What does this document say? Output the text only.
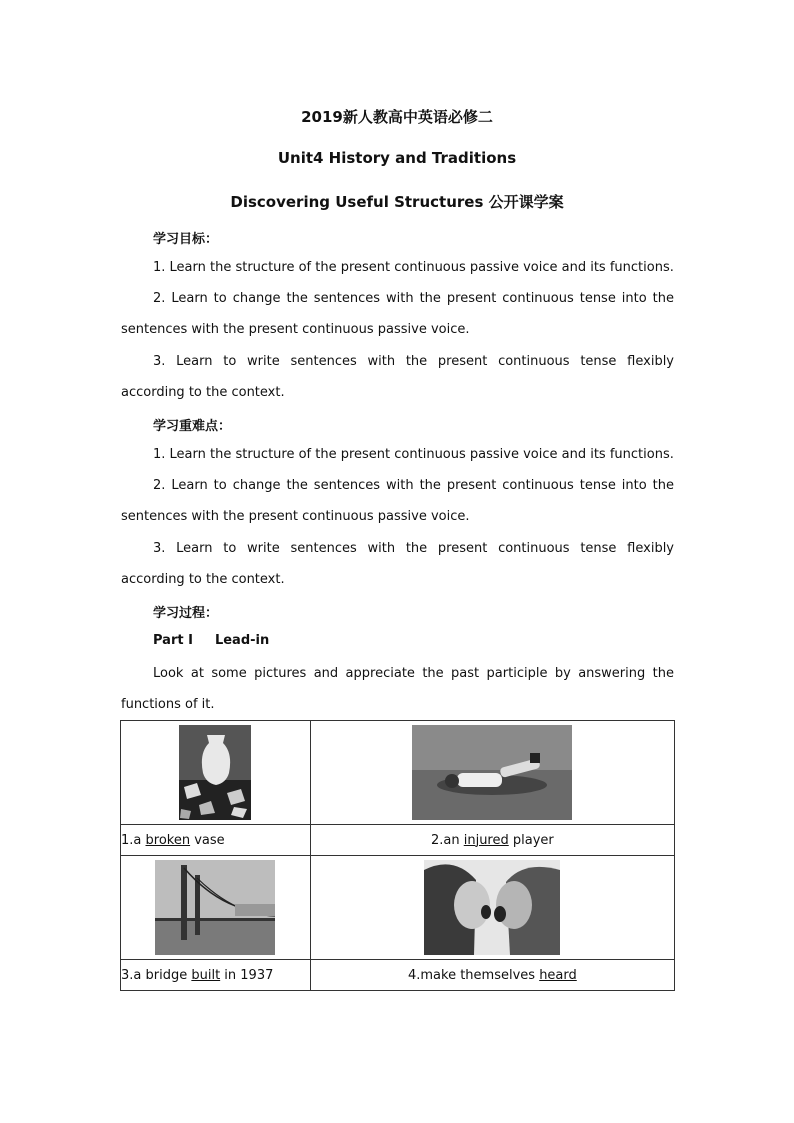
2019新人教高中英语必修二
Unit4 History and Traditions
Discovering Useful Structures 公开课学案
学习目标：
1. Learn the structure of the present continuous passive voice and its functions.
2. Learn to change the sentences with the present continuous tense into the sentences with the present continuous passive voice.
3. Learn to write sentences with the present continuous tense flexibly according to the context.
学习重难点：
1. Learn the structure of the present continuous passive voice and its functions.
2. Learn to change the sentences with the present continuous tense into the sentences with the present continuous passive voice.
3. Learn to write sentences with the present continuous tense flexibly according to the context.
学习过程：
Part Ⅰ Lead-in
Look at some pictures and appreciate the past participle by answering the functions of it.

1.a broken vase	2.an injured player

3.a bridge built in 1937	4.make themselves heard
